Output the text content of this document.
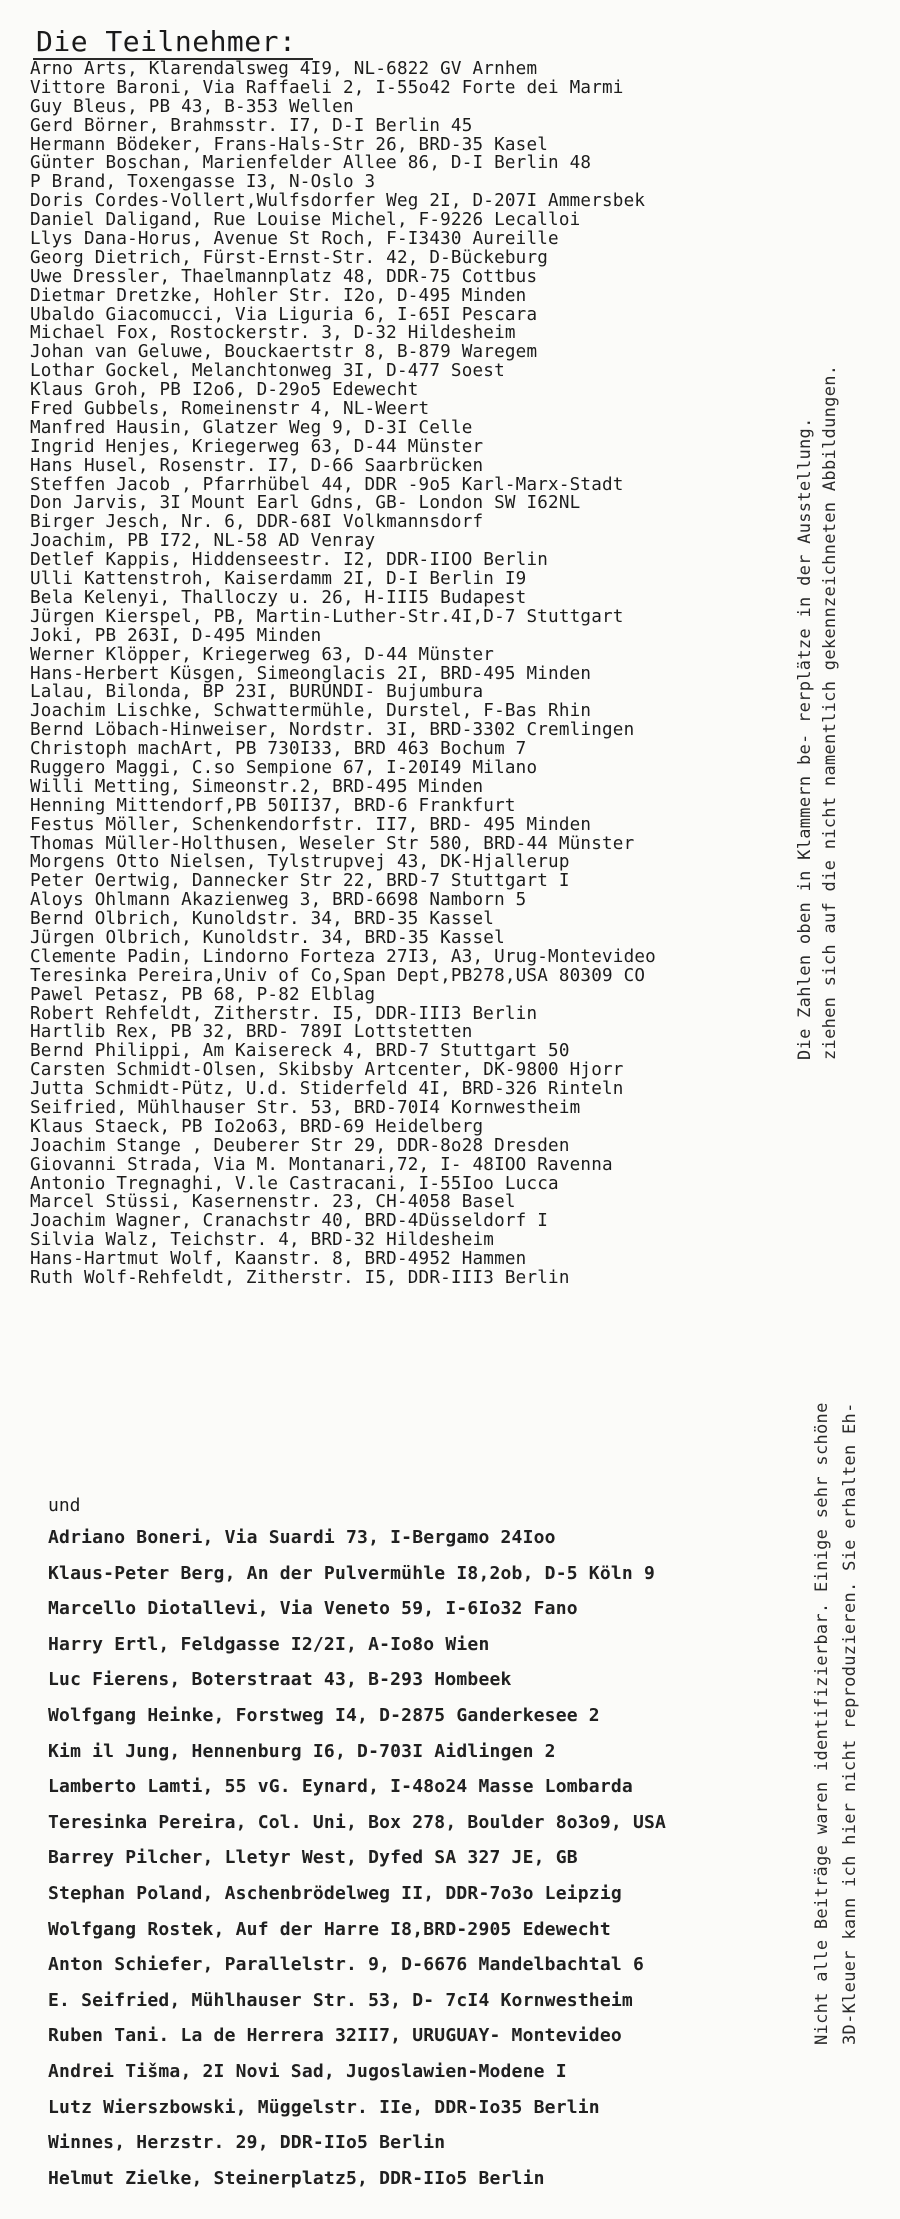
Die Teilnehmer:
Arno Arts, Klarendalsweg 4I9, NL-6822 GV Arnhem
Vittore Baroni, Via Raffaeli 2, I-55o42 Forte dei Marmi
Guy Bleus, PB 43, B-353 Wellen
Gerd Börner, Brahmsstr. I7, D-I Berlin 45
Hermann Bödeker, Frans-Hals-Str 26, BRD-35 Kasel
Günter Boschan, Marienfelder Allee 86, D-I Berlin 48
P Brand, Toxengasse I3, N-Oslo 3
Doris Cordes-Vollert,Wulfsdorfer Weg 2I, D-207I Ammersbek
Daniel Daligand, Rue Louise Michel, F-9226 Lecalloi
Llys Dana-Horus, Avenue St Roch, F-I3430 Aureille
Georg Dietrich, Fürst-Ernst-Str. 42, D-Bückeburg
Uwe Dressler, Thaelmannplatz 48, DDR-75 Cottbus
Dietmar Dretzke, Hohler Str. I2o, D-495 Minden
Ubaldo Giacomucci, Via Liguria 6, I-65I Pescara
Michael Fox, Rostockerstr. 3, D-32 Hildesheim
Johan van Geluwe, Bouckaertstr 8, B-879 Waregem
Lothar Gockel, Melanchtonweg 3I, D-477 Soest
Klaus Groh, PB I2o6, D-29o5 Edewecht
Fred Gubbels, Romeinenstr 4, NL-Weert
Manfred Hausin, Glatzer Weg 9, D-3I Celle
Ingrid Henjes, Kriegerweg 63, D-44 Münster
Hans Husel, Rosenstr. I7, D-66 Saarbrücken
Steffen Jacob , Pfarrhübel 44, DDR -9o5 Karl-Marx-Stadt
Don Jarvis, 3I Mount Earl Gdns, GB- London SW I62NL
Birger Jesch, Nr. 6, DDR-68I Volkmannsdorf
Joachim, PB I72, NL-58 AD Venray
Detlef Kappis, Hiddenseestr. I2, DDR-IIOO Berlin
Ulli Kattenstroh, Kaiserdamm 2I, D-I Berlin I9
Bela Kelenyi, Thalloczy u. 26, H-III5 Budapest
Jürgen Kierspel, PB, Martin-Luther-Str.4I,D-7 Stuttgart
Joki, PB 263I, D-495 Minden
Werner Klöpper, Kriegerweg 63, D-44 Münster
Hans-Herbert Küsgen, Simeonglacis 2I, BRD-495 Minden
Lalau, Bilonda, BP 23I, BURUNDI- Bujumbura
Joachim Lischke, Schwattermühle, Durstel, F-Bas Rhin
Bernd Löbach-Hinweiser, Nordstr. 3I, BRD-3302 Cremlingen
Christoph machArt, PB 730I33, BRD 463 Bochum 7
Ruggero Maggi, C.so Sempione 67, I-20I49 Milano
Willi Metting, Simeonstr.2, BRD-495 Minden
Henning Mittendorf,PB 50II37, BRD-6 Frankfurt
Festus Möller, Schenkendorfstr. II7, BRD- 495 Minden
Thomas Müller-Holthusen, Weseler Str 580, BRD-44 Münster
Morgens Otto Nielsen, Tylstrupvej 43, DK-Hjallerup
Peter Oertwig, Dannecker Str 22, BRD-7 Stuttgart I
Aloys Ohlmann Akazienweg 3, BRD-6698 Namborn 5
Bernd Olbrich, Kunoldstr. 34, BRD-35 Kassel
Jürgen Olbrich, Kunoldstr. 34, BRD-35 Kassel
Clemente Padin, Lindorno Forteza 27I3, A3, Urug-Montevideo
Teresinka Pereira,Univ of Co,Span Dept,PB278,USA 80309 CO
Pawel Petasz, PB 68, P-82 Elblag
Robert Rehfeldt, Zitherstr. I5, DDR-III3 Berlin
Hartlib Rex, PB 32, BRD- 789I Lottstetten
Bernd Philippi, Am Kaisereck 4, BRD-7 Stuttgart 50
Carsten Schmidt-Olsen, Skibsby Artcenter, DK-9800 Hjorr
Jutta Schmidt-Pütz, U.d. Stiderfeld 4I, BRD-326 Rinteln
Seifried, Mühlhauser Str. 53, BRD-70I4 Kornwestheim
Klaus Staeck, PB Io2o63, BRD-69 Heidelberg
Joachim Stange , Deuberer Str 29, DDR-8o28 Dresden
Giovanni Strada, Via M. Montanari,72, I- 48IOO Ravenna
Antonio Tregnaghi, V.le Castracani, I-55Ioo Lucca
Marcel Stüssi, Kasernenstr. 23, CH-4058 Basel
Joachim Wagner, Cranachstr 40, BRD-4Düsseldorf I
Silvia Walz, Teichstr. 4, BRD-32 Hildesheim
Hans-Hartmut Wolf, Kaanstr. 8, BRD-4952 Hammen
Ruth Wolf-Rehfeldt, Zitherstr. I5, DDR-III3 Berlin
und
Adriano Boneri, Via Suardi 73, I-Bergamo 24Ioo
Klaus-Peter Berg, An der Pulvermühle I8,2ob, D-5 Köln 9
Marcello Diotallevi, Via Veneto 59, I-6Io32 Fano
Harry Ertl, Feldgasse I2/2I, A-Io8o Wien
Luc Fierens, Boterstraat 43, B-293 Hombeek
Wolfgang Heinke, Forstweg I4, D-2875 Ganderkesee 2
Kim il Jung, Hennenburg I6, D-703I Aidlingen 2
Lamberto Lamti, 55 vG. Eynard, I-48o24 Masse Lombarda
Teresinka Pereira, Col. Uni, Box 278, Boulder 8o3o9, USA
Barrey Pilcher, Lletyr West, Dyfed SA 327 JE, GB
Stephan Poland, Aschenbrödelweg II, DDR-7o3o Leipzig
Wolfgang Rostek, Auf der Harre I8,BRD-2905 Edewecht
Anton Schiefer, Parallelstr. 9, D-6676 Mandelbachtal 6
E. Seifried, Mühlhauser Str. 53, D- 7cI4 Kornwestheim
Ruben Tani. La de Herrera 32II7, URUGUAY- Montevideo
Andrei Tišma, 2I Novi Sad, Jugoslawien-Modene I
Lutz Wierszbowski, Müggelstr. IIe, DDR-Io35 Berlin
Winnes, Herzstr. 29, DDR-IIo5 Berlin
Helmut Zielke, Steinerplatz5, DDR-IIo5 Berlin
Die Zahlen oben in Klammern be- rerplätze in der Ausstellung. ziehen sich auf die nicht namentlich gekennzeichneten Abbildungen.
Nicht alle Beiträge waren identifizierbar. Einige sehr schöne 3D-Kleuer kann ich hier nicht reproduzieren. Sie erhalten Eh-
